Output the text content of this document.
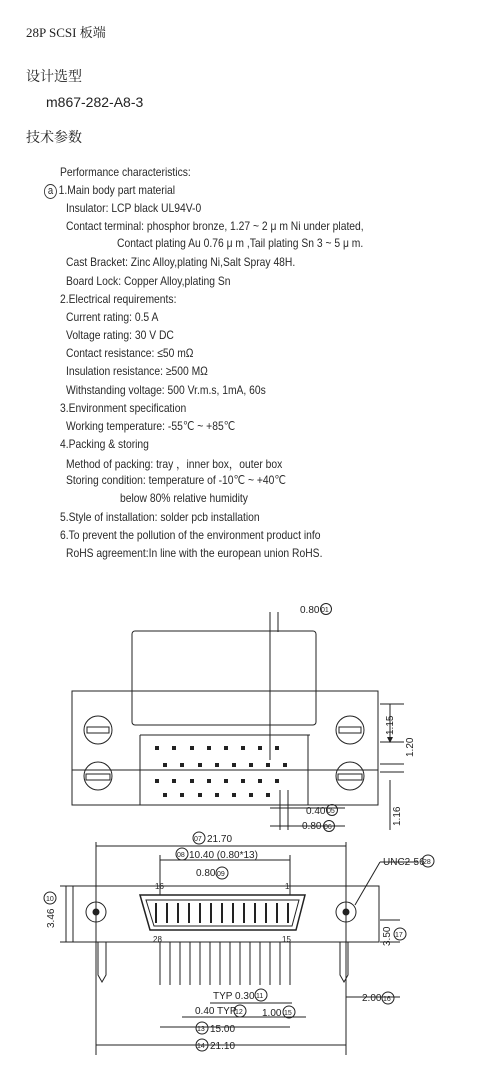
28P SCSI 板端
设计选型
m867-282-A8-3
技术参数
Performance characteristics:
a 1.Main body part material
Insulator: LCP black UL94V-0
Contact terminal: phosphor bronze, 1.27 ~ 2 μ m Ni under plated,
Contact plating Au 0.76 μ m ,Tail plating Sn 3 ~ 5 μ m.
Cast Bracket: Zinc Alloy,plating Ni,Salt Spray 48H.
Board Lock: Copper Alloy,plating Sn
2.Electrical requirements:
Current rating: 0.5 A
Voltage rating: 30 V DC
Contact resistance: ≤50 mΩ
Insulation resistance: ≥500 MΩ
Withstanding voltage: 500 Vr.m.s, 1mA, 60s
3.Environment specification
Working temperature: -55℃ ~ +85℃
4.Packing & storing
Method of packing: tray ，inner box，outer box
Storing condition: temperature of -10℃ ~ +40℃
below 80% relative humidity
5.Style of installation: solder pcb installation
6.To prevent the pollution of the environment product info
RoHS agreement:In line with the european union RoHS.
0.80 01
1.15
1.20
1.16
0.40 05
0.80 06
07 21.70
08 10.40 (0.80*13)
0.80 09
10
3.46
UNC2-56
28
3.50 17
16	1
28	15
TYP 0.30 11
0.40 TYP
12 1.00 15
2.00 16
13 15.00
14 21.10
